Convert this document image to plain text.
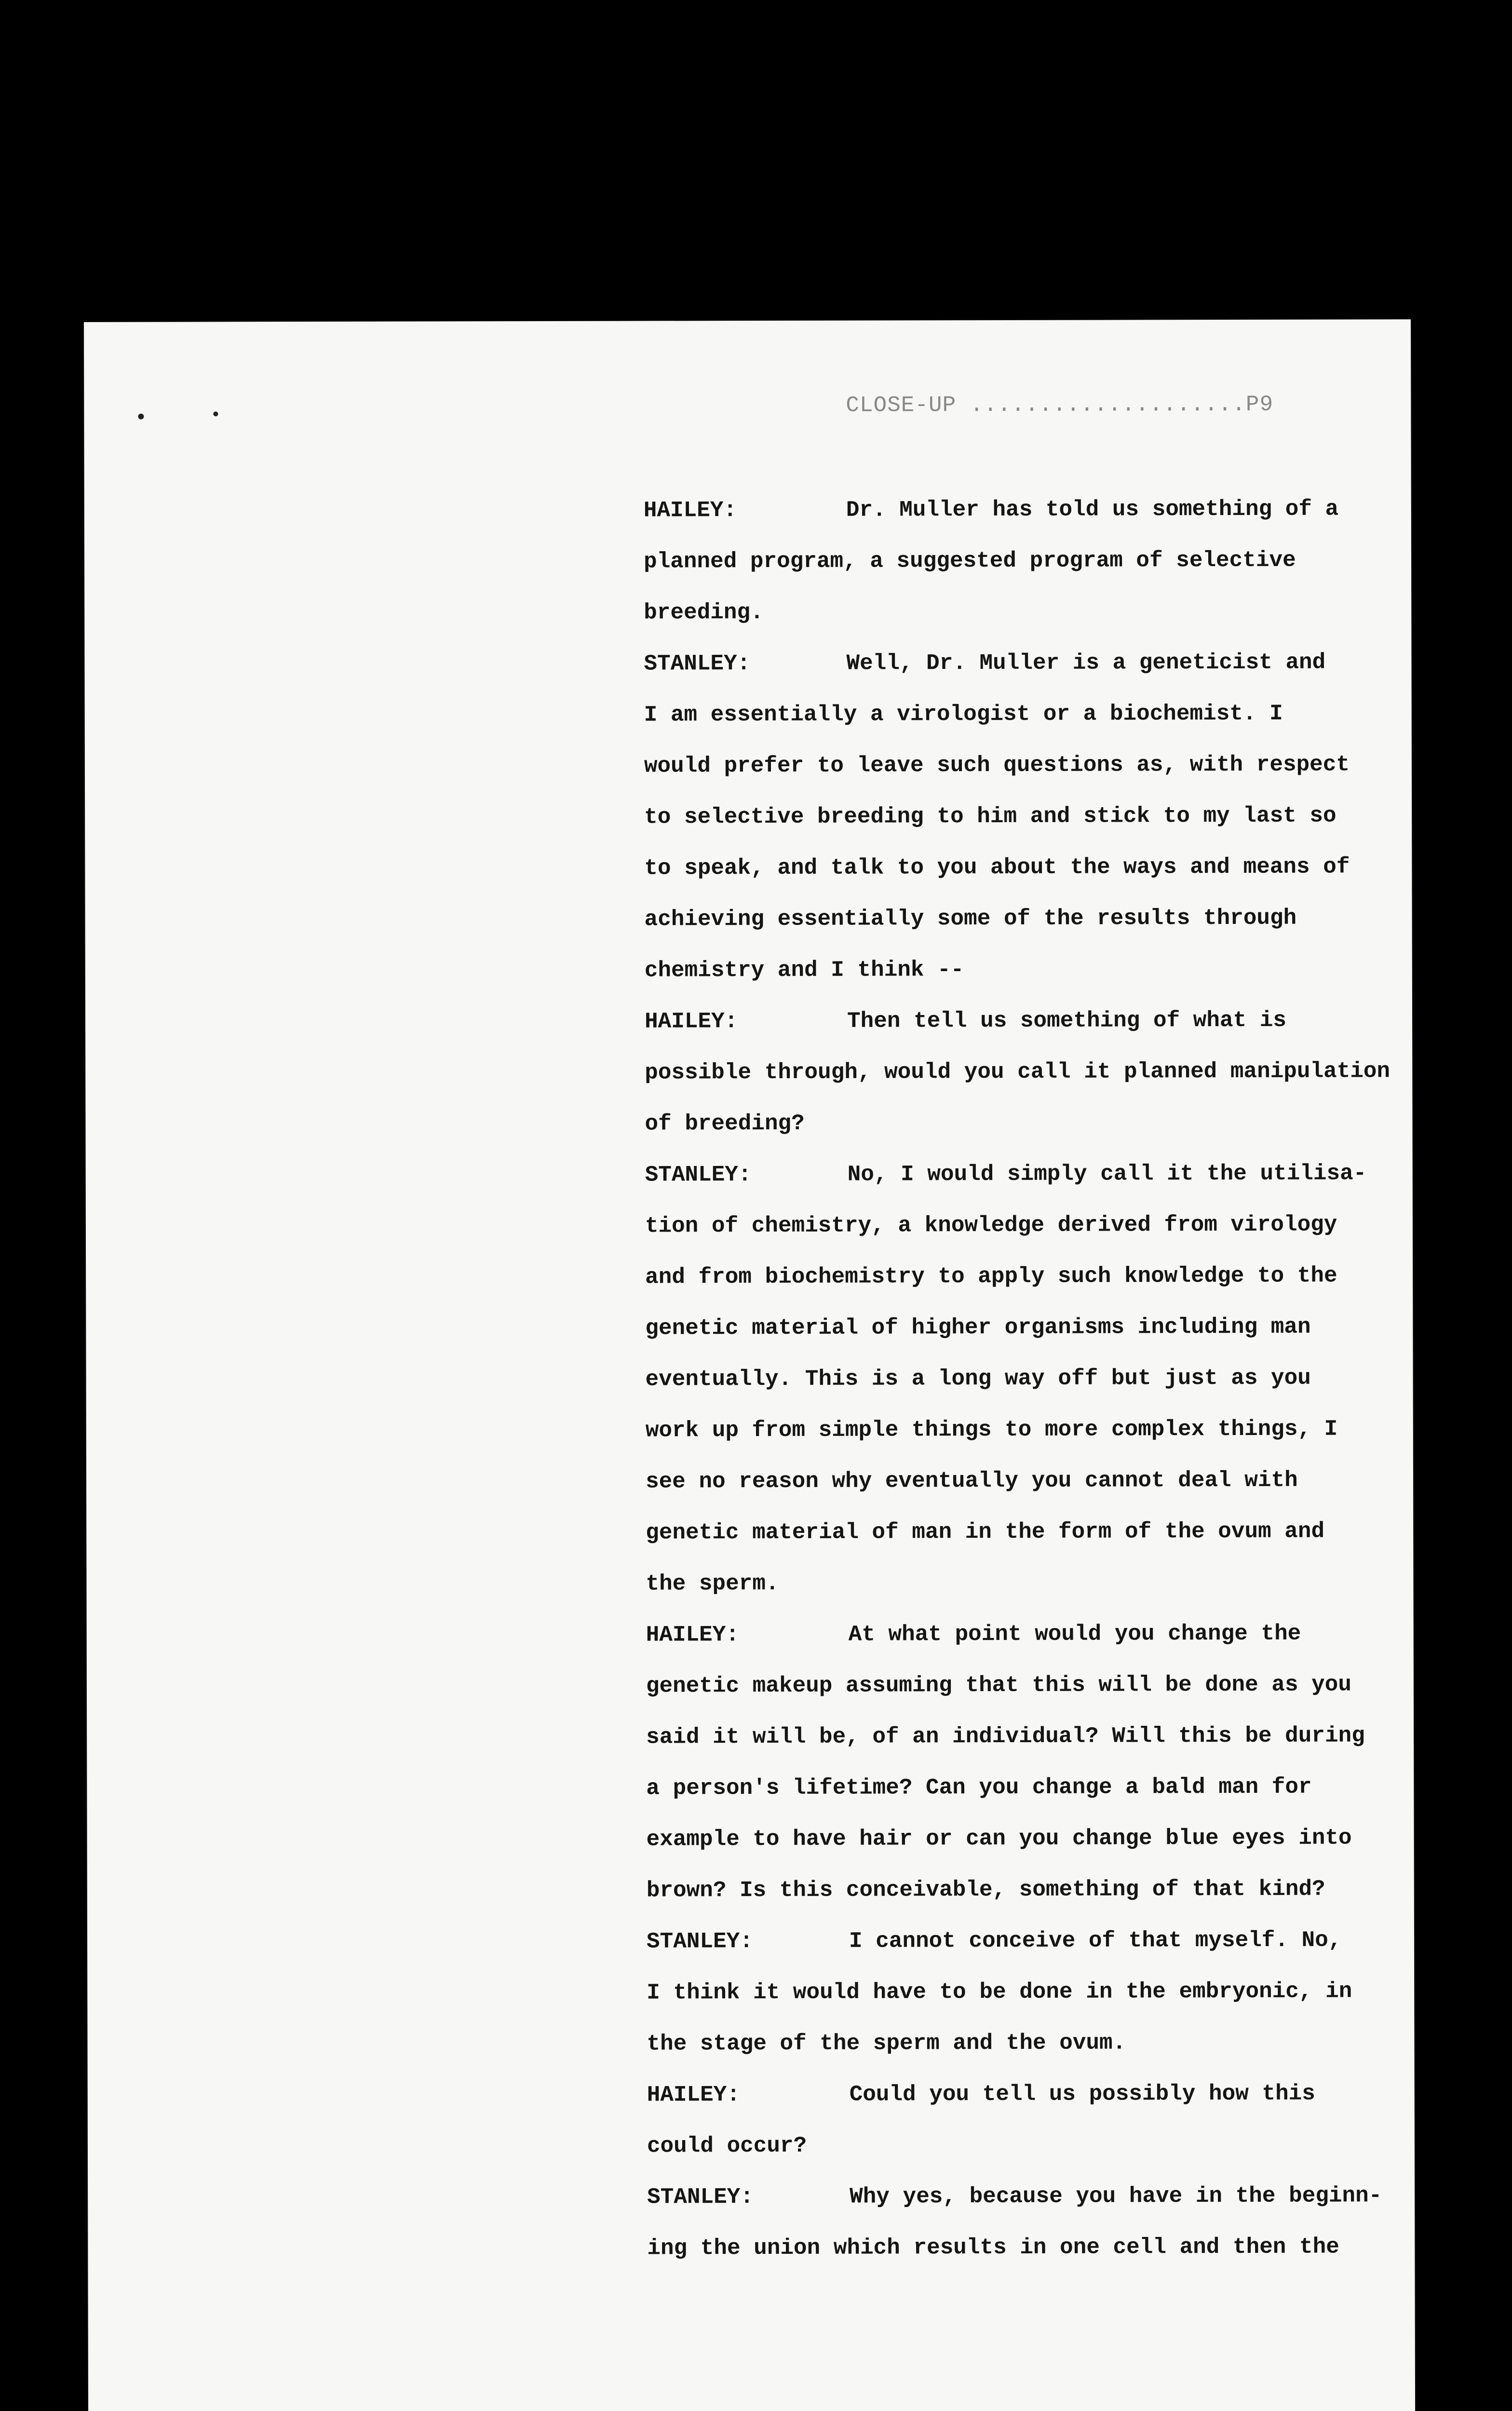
CLOSE-UP ....................P9
HAILEY:	Dr. Muller has told us something of a
planned program, a suggested program of selective
breeding.
STANLEY:	Well, Dr. Muller is a geneticist and
I am essentially a virologist or a biochemist. I
would prefer to leave such questions as, with respect
to selective breeding to him and stick to my last so
to speak, and talk to you about the ways and means of
achieving essentially some of the results through
chemistry and I think --
HAILEY:	Then tell us something of what is
possible through, would you call it planned manipulation
of breeding?
STANLEY:	No, I would simply call it the utilisa-
tion of chemistry, a knowledge derived from virology
and from biochemistry to apply such knowledge to the
genetic material of higher organisms including man
eventually. This is a long way off but just as you
work up from simple things to more complex things, I
see no reason why eventually you cannot deal with
genetic material of man in the form of the ovum and
the sperm.
HAILEY:	At what point would you change the
genetic makeup assuming that this will be done as you
said it will be, of an individual? Will this be during
a person's lifetime? Can you change a bald man for
example to have hair or can you change blue eyes into
brown? Is this conceivable, something of that kind?
STANLEY:	I cannot conceive of that myself. No,
I think it would have to be done in the embryonic, in
the stage of the sperm and the ovum.
HAILEY:	Could you tell us possibly how this
could occur?
STANLEY:	Why yes, because you have in the beginn-
ing the union which results in one cell and then the
